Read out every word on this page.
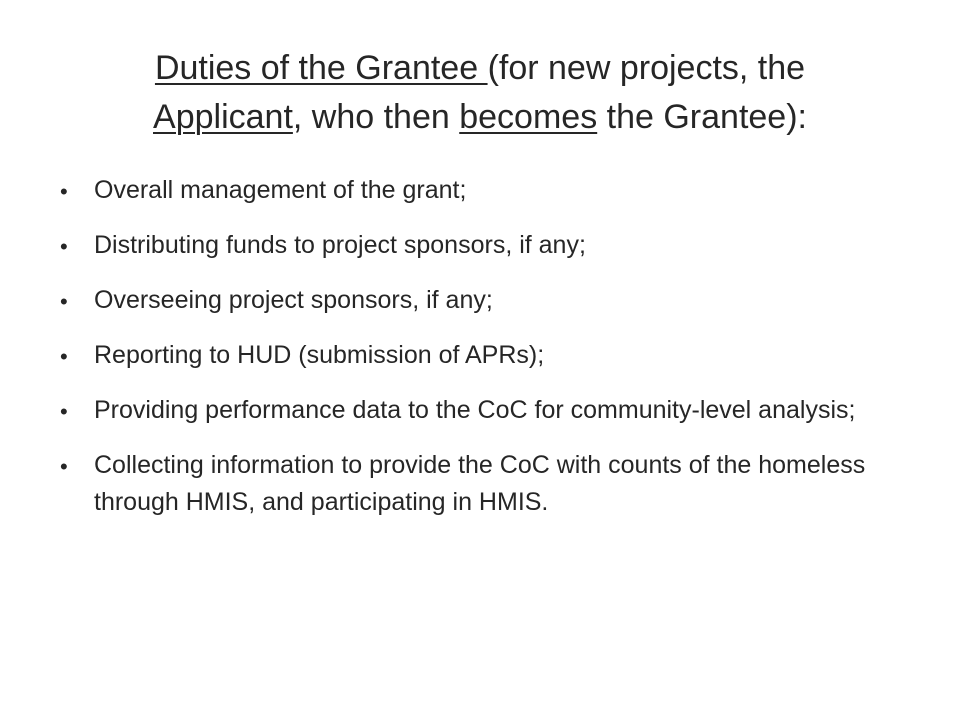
Duties of the Grantee (for new projects, the
Applicant, who then becomes the Grantee):
• Overall management of the grant;
• Distributing funds to project sponsors, if any;
• Overseeing project sponsors, if any;
• Reporting to HUD (submission of APRs);
• Providing performance data to the CoC for community-level analysis;
• Collecting information to provide the CoC with counts of the homeless through HMIS, and participating in HMIS.
